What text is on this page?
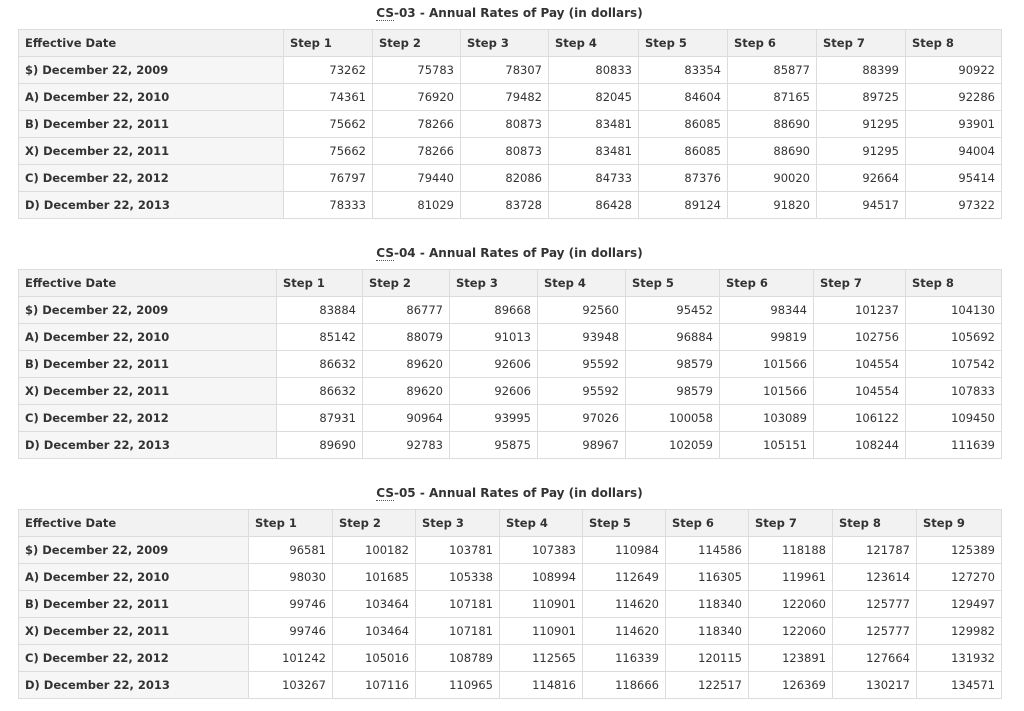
CS-03 - Annual Rates of Pay (in dollars)
Effective Date	Step 1	Step 2	Step 3	Step 4	Step 5	Step 6	Step 7	Step 8
$) December 22, 2009	73262	75783	78307	80833	83354	85877	88399	90922
A) December 22, 2010	74361	76920	79482	82045	84604	87165	89725	92286
B) December 22, 2011	75662	78266	80873	83481	86085	88690	91295	93901
X) December 22, 2011	75662	78266	80873	83481	86085	88690	91295	94004
C) December 22, 2012	76797	79440	82086	84733	87376	90020	92664	95414
D) December 22, 2013	78333	81029	83728	86428	89124	91820	94517	97322
CS-04 - Annual Rates of Pay (in dollars)
Effective Date	Step 1	Step 2	Step 3	Step 4	Step 5	Step 6	Step 7	Step 8
$) December 22, 2009	83884	86777	89668	92560	95452	98344	101237	104130
A) December 22, 2010	85142	88079	91013	93948	96884	99819	102756	105692
B) December 22, 2011	86632	89620	92606	95592	98579	101566	104554	107542
X) December 22, 2011	86632	89620	92606	95592	98579	101566	104554	107833
C) December 22, 2012	87931	90964	93995	97026	100058	103089	106122	109450
D) December 22, 2013	89690	92783	95875	98967	102059	105151	108244	111639
CS-05 - Annual Rates of Pay (in dollars)
Effective Date	Step 1	Step 2	Step 3	Step 4	Step 5	Step 6	Step 7	Step 8	Step 9
$) December 22, 2009	96581	100182	103781	107383	110984	114586	118188	121787	125389
A) December 22, 2010	98030	101685	105338	108994	112649	116305	119961	123614	127270
B) December 22, 2011	99746	103464	107181	110901	114620	118340	122060	125777	129497
X) December 22, 2011	99746	103464	107181	110901	114620	118340	122060	125777	129982
C) December 22, 2012	101242	105016	108789	112565	116339	120115	123891	127664	131932
D) December 22, 2013	103267	107116	110965	114816	118666	122517	126369	130217	134571
